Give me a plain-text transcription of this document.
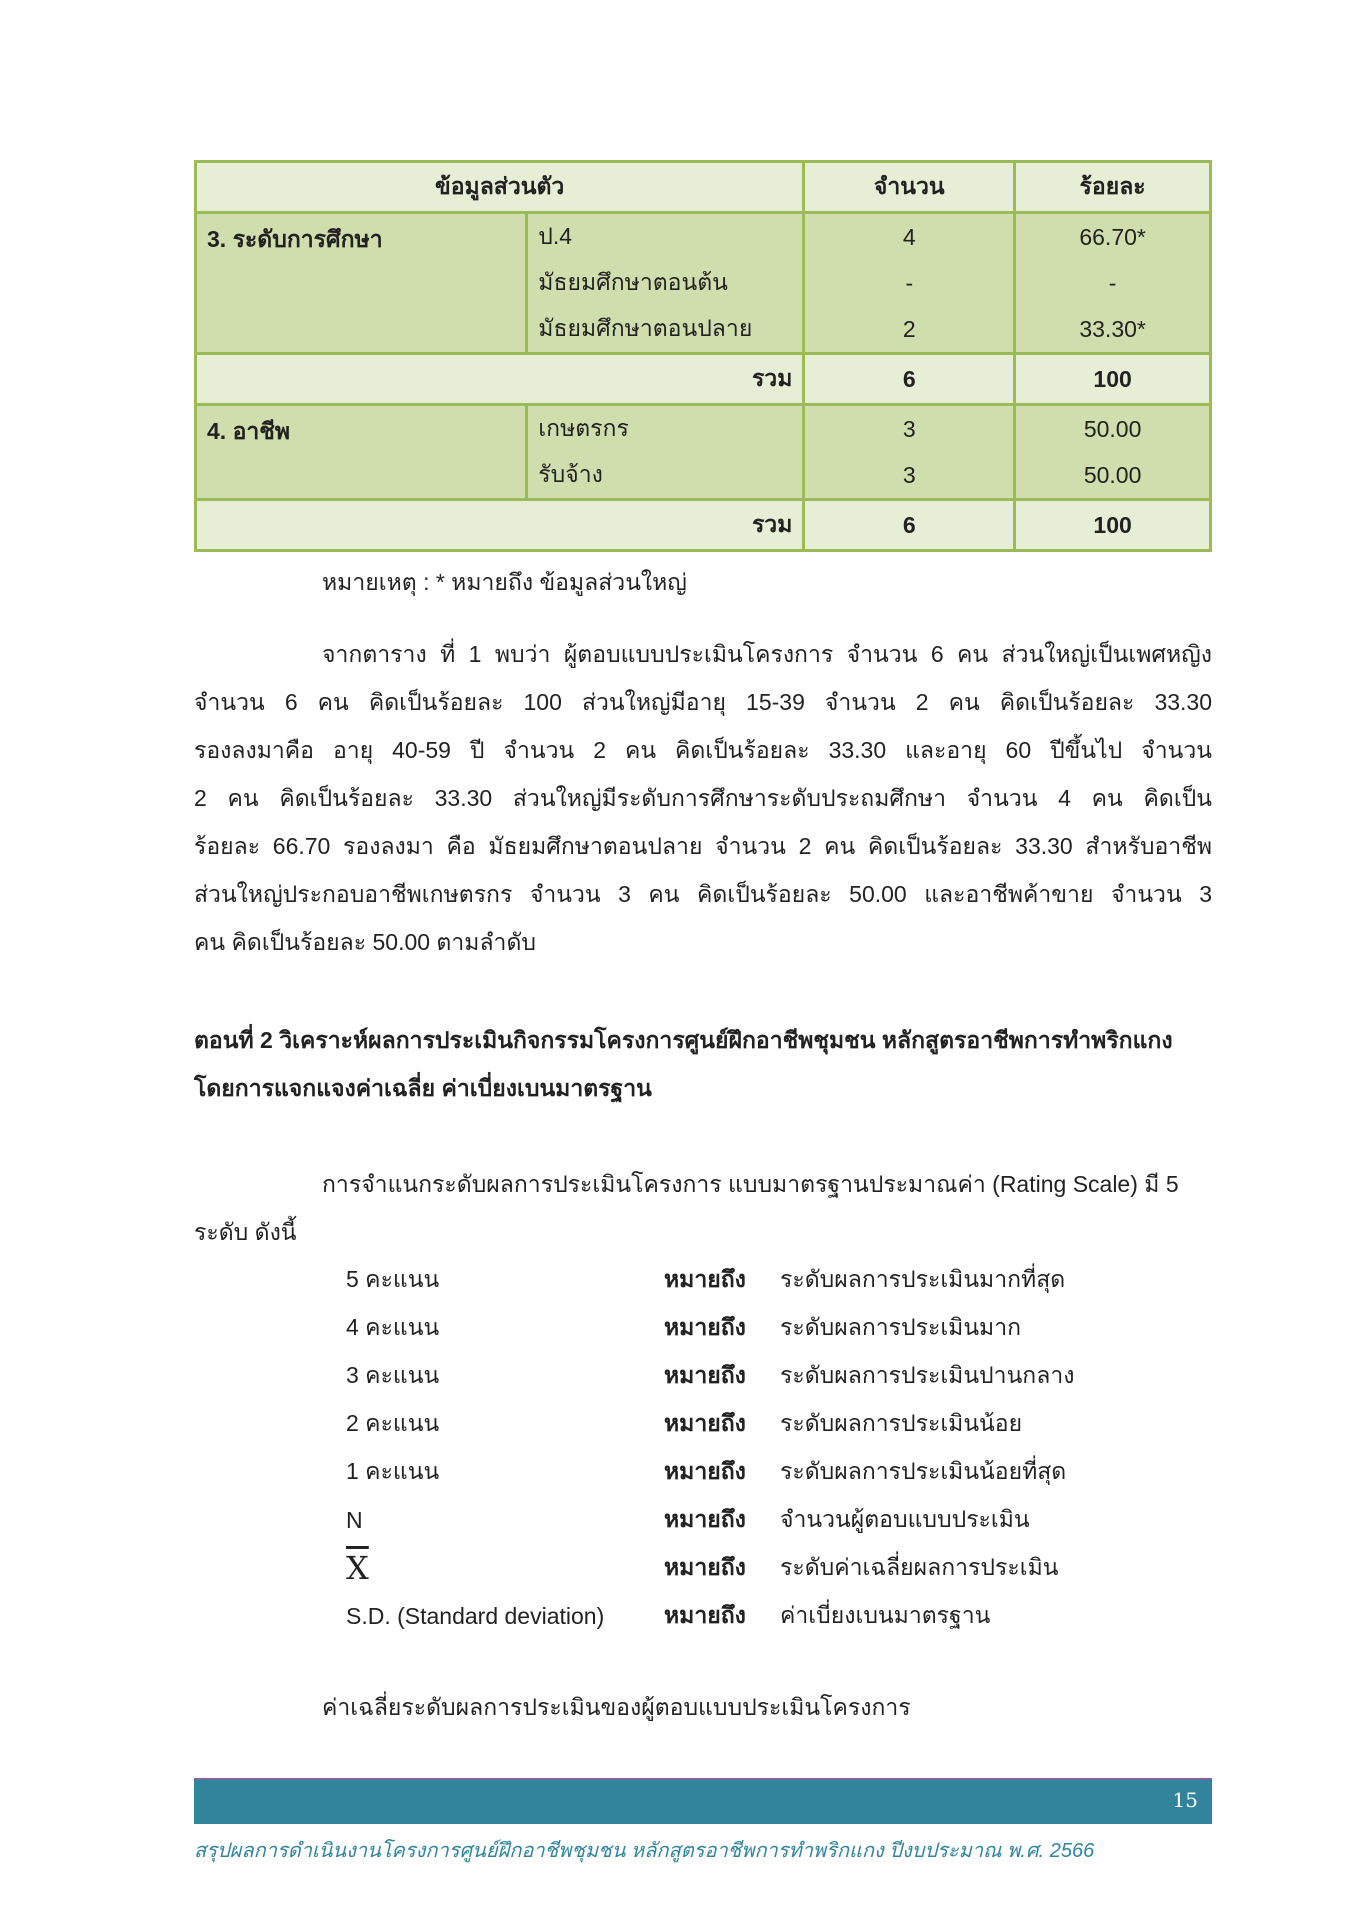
ข้อมูลส่วนตัว		จำนวน	ร้อยละ
3. ระดับการศึกษา	ป.4	4	66.70*
	มัธยมศึกษาตอนต้น	-	-
	มัธยมศึกษาตอนปลาย	2	33.30*
รวม		6	100
4. อาชีพ	เกษตรกร	3	50.00
	รับจ้าง	3	50.00
รวม		6	100
หมายเหตุ : * หมายถึง ข้อมูลส่วนใหญ่
จากตาราง ที่ 1 พบว่า ผู้ตอบแบบประเมินโครงการ จำนวน 6 คน ส่วนใหญ่เป็นเพศหญิง
จำนวน 6 คน คิดเป็นร้อยละ 100 ส่วนใหญ่มีอายุ 15-39 จำนวน 2 คน คิดเป็นร้อยละ 33.30
รองลงมาคือ อายุ 40-59 ปี จำนวน 2 คน คิดเป็นร้อยละ 33.30 และอายุ 60 ปีขึ้นไป จำนวน
2 คน คิดเป็นร้อยละ 33.30 ส่วนใหญ่มีระดับการศึกษาระดับประถมศึกษา จำนวน 4 คน คิดเป็น
ร้อยละ 66.70 รองลงมา คือ มัธยมศึกษาตอนปลาย จำนวน 2 คน คิดเป็นร้อยละ 33.30 สำหรับอาชีพ
ส่วนใหญ่ประกอบอาชีพเกษตรกร จำนวน 3 คน คิดเป็นร้อยละ 50.00 และอาชีพค้าขาย จำนวน 3
คน คิดเป็นร้อยละ 50.00 ตามลำดับ
ตอนที่ 2 วิเคราะห์ผลการประเมินกิจกรรมโครงการศูนย์ฝึกอาชีพชุมชน หลักสูตรอาชีพการทำพริกแกง
โดยการแจกแจงค่าเฉลี่ย ค่าเบี่ยงเบนมาตรฐาน
การจำแนกระดับผลการประเมินโครงการ แบบมาตรฐานประมาณค่า (Rating Scale) มี 5
ระดับ ดังนี้
5 คะแนน	หมายถึง	ระดับผลการประเมินมากที่สุด
4 คะแนน	หมายถึง	ระดับผลการประเมินมาก
3 คะแนน	หมายถึง	ระดับผลการประเมินปานกลาง
2 คะแนน	หมายถึง	ระดับผลการประเมินน้อย
1 คะแนน	หมายถึง	ระดับผลการประเมินน้อยที่สุด
N	หมายถึง	จำนวนผู้ตอบแบบประเมิน
$\overline{X}$	หมายถึง	ระดับค่าเฉลี่ยผลการประเมิน
S.D. (Standard deviation)	หมายถึง	ค่าเบี่ยงเบนมาตรฐาน
ค่าเฉลี่ยระดับผลการประเมินของผู้ตอบแบบประเมินโครงการ
15
สรุปผลการดำเนินงานโครงการศูนย์ฝึกอาชีพชุมชน หลักสูตรอาชีพการทำพริกแกง ปีงบประมาณ พ.ศ. 2566
